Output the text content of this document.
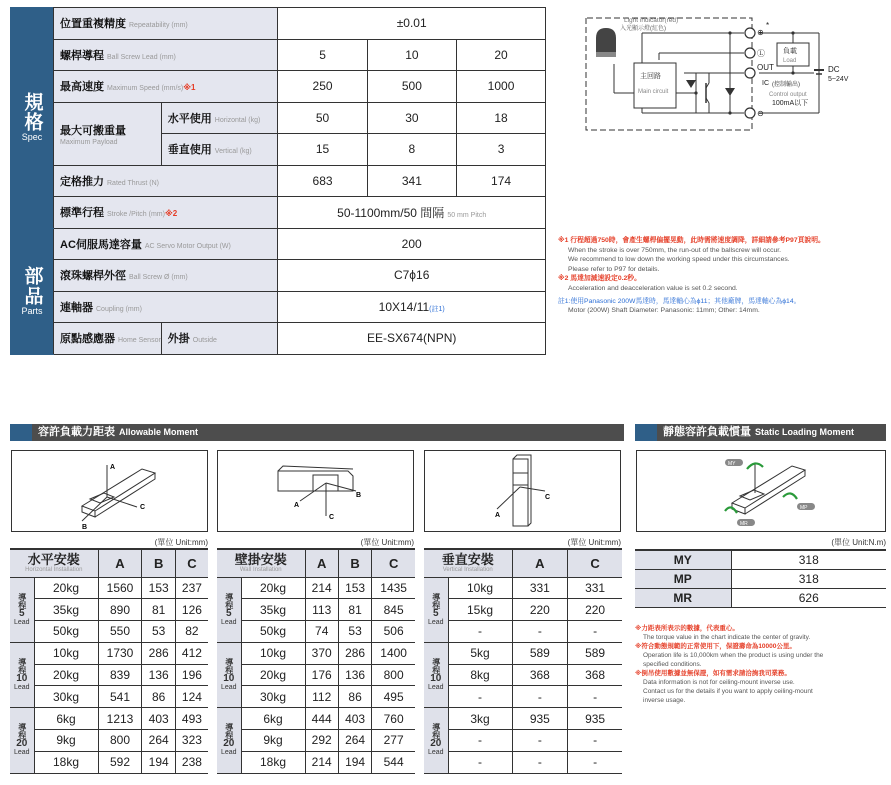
規格
Spec	位置重複精度 Repeatability (mm)		±0.01		
	螺桿導程 Ball Screw Lead (mm)		5	10	20
	最高速度 Maximum Speed (mm/s)※1		250	500	1000
	最大可搬重量
Maximum Payload	水平使用 Horizontal (kg)	50	30	18
		垂直使用 Vertical (kg)	15	8	3
	定格推力 Rated Thrust (N)		683	341	174
	標準行程 Stroke /Pitch (mm)※2		50-1100mm/50 間隔 50 mm Pitch		

部品
Parts	AC伺服馬達容量 AC Servo Motor Output (W)		200		
	滾珠螺桿外徑 Ball Screw Ø (mm)		C7ϕ16		
	連軸器 Coupling (mm)		10X14/11(註1)		
	原點感應器 Home Sensor	外掛 Outside	EE-SX674(NPN)		
Light indicator(red)
入光顯示燈(紅色)
主回路
Main circuit
負載
Load
OUT
IC (控制輸出)
Control output
100mA以下
DC
5~24V
⊕
*
Ⓛ
⊖
※1 行程超過750時，會產生螺桿偏擺晃動，此時需將速度調降，詳細請參考P97頁說明。
When the stroke is over 750mm, the run-out of the ballscrew will occur.
We recommend to low down the working speed under this circumstances.
Please refer to P97 for details.
※2 馬達加減速設定0.2秒。
Acceleration and deacceleration value is set 0.2 second.
註1:使用Panasonic 200W馬達時，馬達軸心為ϕ11；其他廠牌，馬達軸心為ϕ14。
Motor (200W) Shaft Diameter: Panasonic: 11mm; Other: 14mm.
容許負載力距表 Allowable Moment
A
B
C	A
B
C	A
C
(單位 Unit:mm)	(單位 Unit:mm)	(單位 Unit:mm)
水平安裝
Horizontal Installation		A	B	C

導程
5
Lead	20kg	1560	153	237
	35kg	890	81	126
	50kg	550	53	82

導程
10
Lead	10kg	1730	286	412
	20kg	839	136	196
	30kg	541	86	124

導程
20
Lead	6kg	1213	403	493
	9kg	800	264	323
	18kg	592	194	238
壁掛安裝
Wall Installation		A	B	C

導程
5
Lead	20kg	214	153	1435
	35kg	113	81	845
	50kg	74	53	506

導程
10
Lead	10kg	370	286	1400
	20kg	176	136	800
	30kg	112	86	495

導程
20
Lead	6kg	444	403	760
	9kg	292	264	277
	18kg	214	194	544
垂直安裝
Vertical Installation		A	C

導程
5
Lead	10kg	331	331
	15kg	220	220
	-	-	-

導程
10
Lead	5kg	589	589
	8kg	368	368
	-	-	-

導程
20
Lead	3kg	935	935
	-	-	-
	-	-	-
靜態容許負載慣量 Static Loading Moment
MY
MP
MR
(單位 Unit:N.m)
MY	318
MP	318
MR	626
※力距表所表示的數據，代表重心。
The torque value in the chart indicate the center of gravity.
※符合動態規範的正常使用下，保證壽命為10000公里。
Operation life is 10,000km when the product is using under the
specified conditions.
※倒吊使用數據並無保證，如有需求請洽詢我司業務。
Data information is not for ceiling-mount inverse use.
Contact us for the details if you want to apply ceiling-mount
inverse usage.
